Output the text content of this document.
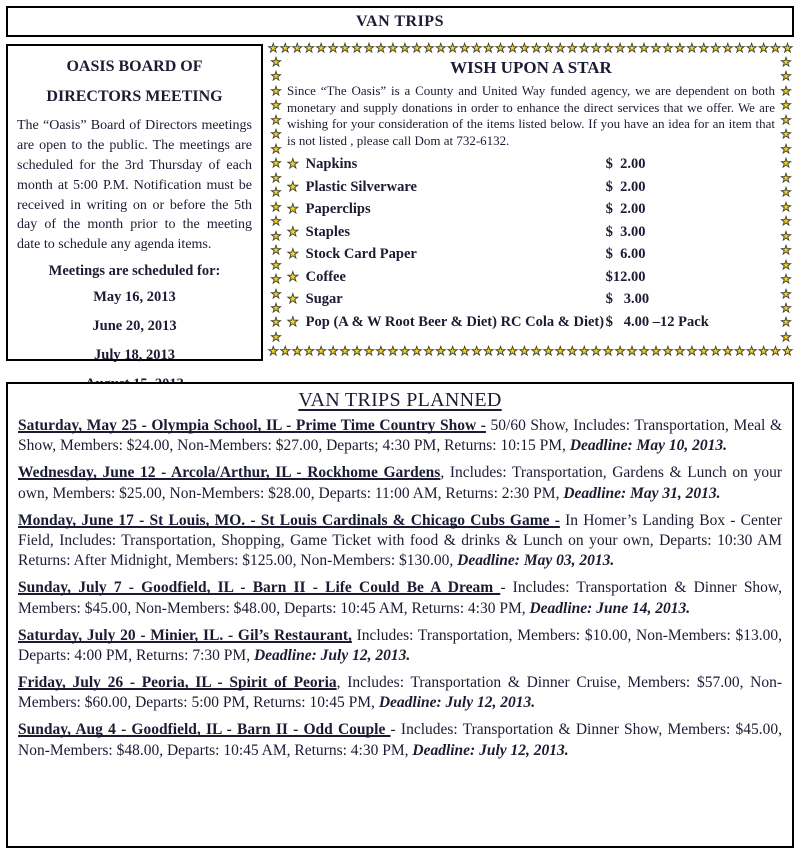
VAN TRIPS
OASIS BOARD OF
DIRECTORS MEETING
The “Oasis” Board of Directors meetings are open to the public. The meetings are scheduled for the 3rd Thursday of each month at 5:00 P.M. Notification must be received in writing on or before the 5th day of the month prior to the meeting date to schedule any agenda items.
Meetings are scheduled for:
May 16, 2013
June 20, 2013
July 18, 2013
★★★★★★★★★★★★★★★★★★★★★★★★★★★★★★★★★★★★★★★★★★★★
★
★
★
★
★
★
★
★
★
★
★
★
★
★
★
★
★
★
★
★
★
★
★
★
★
★
★
★
★
★
★
★
★
★
★
★
★
★
★
★
★★★★★★★★★★★★★★★★★★★★★★★★★★★★★★★★★★★★★★★★★★★★
WISH UPON A STAR
Since “The Oasis” is a County and United Way funded agency, we are dependent on both monetary and supply donations in order to enhance the direct services that we offer. We are wishing for your consideration of the items listed below. If you have an idea for an item that is not listed , please call Dom at 732-6132.
★ Napkins	$  2.00
★ Plastic Silverware	$  2.00
★ Paperclips	$  2.00
★ Staples	$  3.00
★ Stock Card Paper	$  6.00
★ Coffee	$12.00
★ Sugar	$   3.00
★ Pop (A & W Root Beer & Diet) RC Cola & Diet) $   4.00 –12 Pack
VAN TRIPS PLANNED

Saturday, May 25 - Olympia School, IL - Prime Time Country Show - 50/60 Show, Includes: Transportation, Meal & Show, Members: $24.00, Non-Members: $27.00, Departs; 4:30 PM, Returns: 10:15 PM, Deadline: May 10, 2013.

Wednesday, June 12 - Arcola/Arthur, IL - Rockhome Gardens, Includes: Transportation, Gardens & Lunch on your own, Members: $25.00, Non-Members: $28.00, Departs: 11:00 AM, Returns: 2:30 PM, Deadline: May 31, 2013.

Monday, June 17 - St Louis, MO. - St Louis Cardinals & Chicago Cubs Game - In Homer’s Landing Box - Center Field, Includes: Transportation, Shopping, Game Ticket with food & drinks & Lunch on your own, Departs: 10:30 AM Returns: After Midnight, Members: $125.00, Non-Members: $130.00, Deadline: May 03, 2013.

Sunday, July 7 - Goodfield, IL - Barn II - Life Could Be A Dream - Includes: Transportation & Dinner Show, Members: $45.00, Non-Members: $48.00, Departs: 10:45 AM, Returns: 4:30 PM, Deadline: June 14, 2013.

Saturday, July 20 - Minier, IL. - Gil’s Restaurant, Includes: Transportation, Members: $10.00, Non-Members: $13.00, Departs: 4:00 PM, Returns: 7:30 PM, Deadline: July 12, 2013.

Friday, July 26 - Peoria, IL - Spirit of Peoria, Includes: Transportation & Dinner Cruise, Members: $57.00, Non-Members: $60.00, Departs: 5:00 PM, Returns: 10:45 PM, Deadline: July 12, 2013.

Sunday, Aug 4 - Goodfield, IL - Barn II - Odd Couple - Includes: Transportation & Dinner Show, Members: $45.00, Non-Members: $48.00, Departs: 10:45 AM, Returns: 4:30 PM, Deadline: July 12, 2013.
